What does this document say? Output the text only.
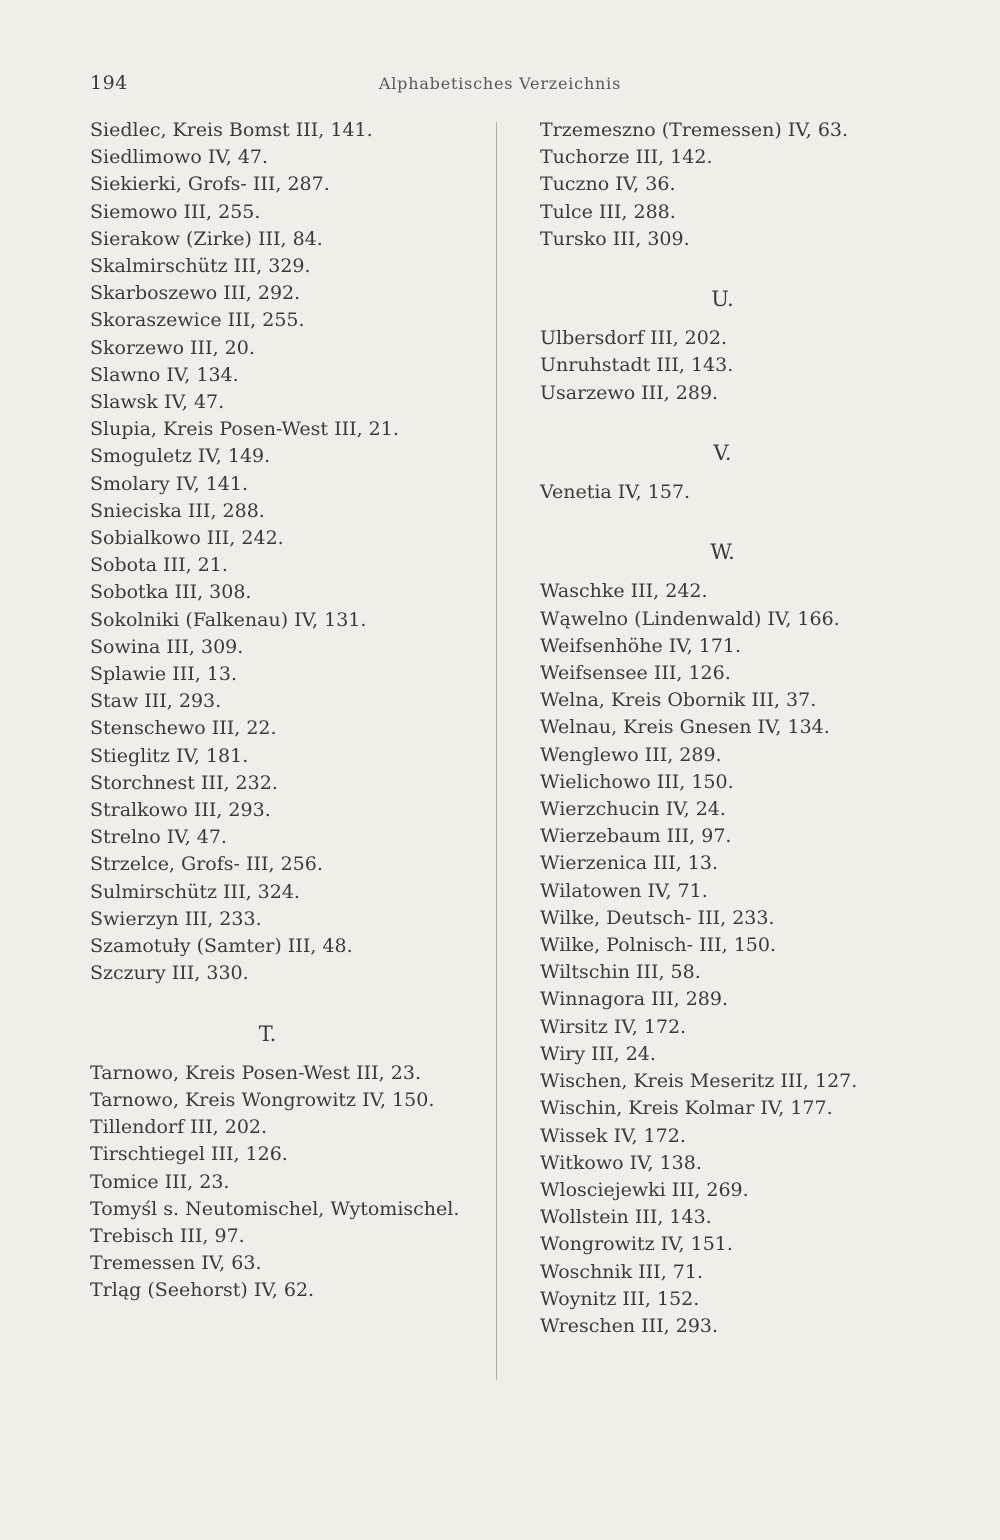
194	Alphabetisches Verzeichnis
Siedlec, Kreis Bomst III, 141.
Siedlimowo IV, 47.
Siekierki, Grofs- III, 287.
Siemowo III, 255.
Sierakow (Zirke) III, 84.
Skalmirschütz III, 329.
Skarboszewo III, 292.
Skoraszewice III, 255.
Skorzewo III, 20.
Slawno IV, 134.
Slawsk IV, 47.
Slupia, Kreis Posen-West III, 21.
Smoguletz IV, 149.
Smolary IV, 141.
Snieciska III, 288.
Sobialkowo III, 242.
Sobota III, 21.
Sobotka III, 308.
Sokolniki (Falkenau) IV, 131.
Sowina III, 309.
Splawie III, 13.
Staw III, 293.
Stenschewo III, 22.
Stieglitz IV, 181.
Storchnest III, 232.
Stralkowo III, 293.
Strelno IV, 47.
Strzelce, Grofs- III, 256.
Sulmirschütz III, 324.
Swierzyn III, 233.
Szamotuły (Samter) III, 48.
Szczury III, 330.
T.
Tarnowo, Kreis Posen-West III, 23.
Tarnowo, Kreis Wongrowitz IV, 150.
Tillendorf III, 202.
Tirschtiegel III, 126.
Tomice III, 23.
Tomyśl s. Neutomischel, Wytomischel.
Trebisch III, 97.
Tremessen IV, 63.
Trląg (Seehorst) IV, 62.
Trzemeszno (Tremessen) IV, 63.
Tuchorze III, 142.
Tuczno IV, 36.
Tulce III, 288.
Tursko III, 309.
U.
Ulbersdorf III, 202.
Unruhstadt III, 143.
Usarzewo III, 289.
V.
Venetia IV, 157.
W.
Waschke III, 242.
Wąwelno (Lindenwald) IV, 166.
Weifsenhöhe IV, 171.
Weifsensee III, 126.
Welna, Kreis Obornik III, 37.
Welnau, Kreis Gnesen IV, 134.
Wenglewo III, 289.
Wielichowo III, 150.
Wierzchucin IV, 24.
Wierzebaum III, 97.
Wierzenica III, 13.
Wilatowen IV, 71.
Wilke, Deutsch- III, 233.
Wilke, Polnisch- III, 150.
Wiltschin III, 58.
Winnagora III, 289.
Wirsitz IV, 172.
Wiry III, 24.
Wischen, Kreis Meseritz III, 127.
Wischin, Kreis Kolmar IV, 177.
Wissek IV, 172.
Witkowo IV, 138.
Wlosciejewki III, 269.
Wollstein III, 143.
Wongrowitz IV, 151.
Woschnik III, 71.
Woynitz III, 152.
Wreschen III, 293.
